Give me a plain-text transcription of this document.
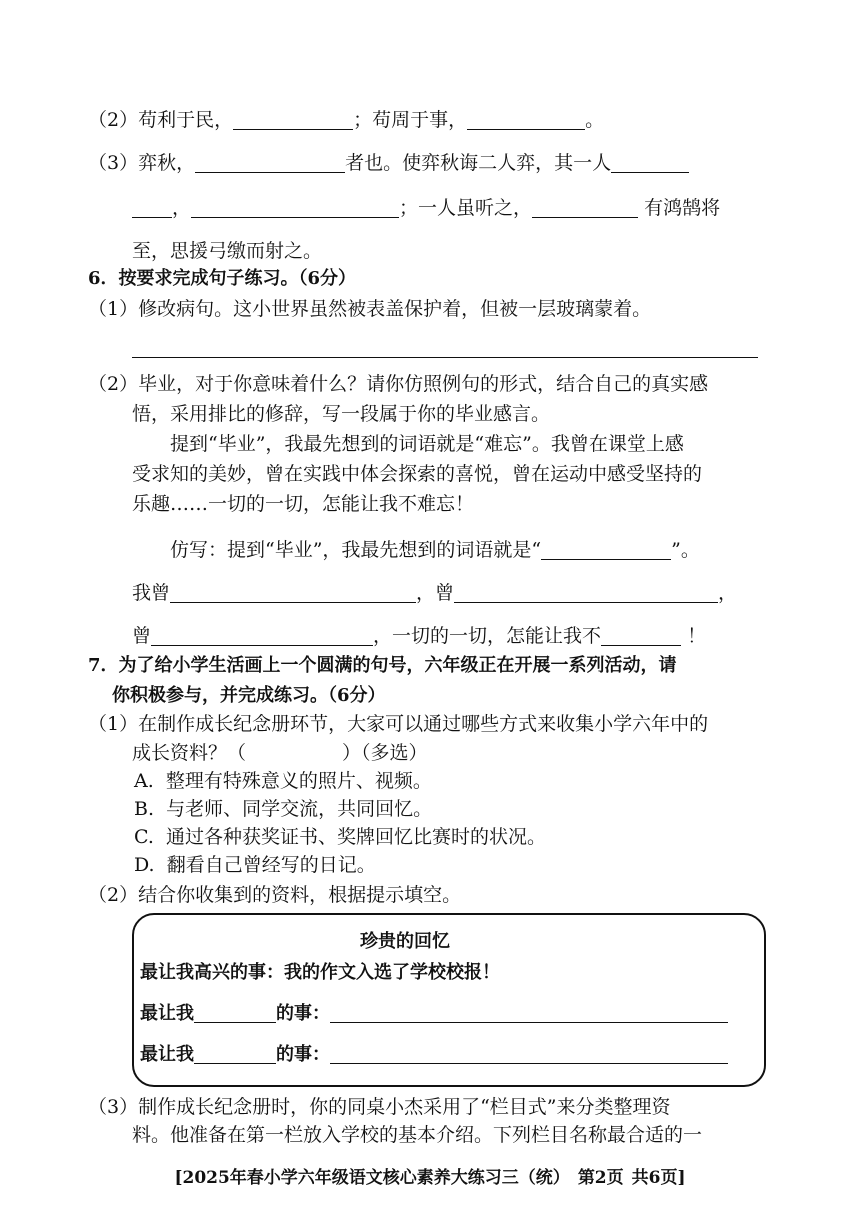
（2）苟利于民，	；苟周于事，	。
（3）弈秋，	者也。使弈秋诲二人弈，其一人
，	；一人虽听之，	有鸿鹄将
至，思援弓缴而射之。
6．按要求完成句子练习。（6分）
（1）修改病句。这小世界虽然被表盖保护着，但被一层玻璃蒙着。
（2）毕业，对于你意味着什么？请你仿照例句的形式，结合自己的真实感
悟，采用排比的修辞，写一段属于你的毕业感言。
提到“毕业”，我最先想到的词语就是“难忘”。我曾在课堂上感
受求知的美妙，曾在实践中体会探索的喜悦，曾在运动中感受坚持的
乐趣……一切的一切，怎能让我不难忘！
仿写：提到“毕业”，我最先想到的词语就是“	”。
我曾	，曾	，
曾	，一切的一切，怎能让我不	！
7．为了给小学生活画上一个圆满的句号，六年级正在开展一系列活动，请
你积极参与，并完成练习。（6分）
（1）在制作成长纪念册环节，大家可以通过哪些方式来收集小学六年中的
成长资料？（	）（多选）
A. 整理有特殊意义的照片、视频。
B. 与老师、同学交流，共同回忆。
C. 通过各种获奖证书、奖牌回忆比赛时的状况。
D. 翻看自己曾经写的日记。
（2）结合你收集到的资料，根据提示填空。
珍贵的回忆
最让我高兴的事：我的作文入选了学校校报！
最让我	的事：
最让我	的事：
（3）制作成长纪念册时，你的同桌小杰采用了“栏目式”来分类整理资
料。他准备在第一栏放入学校的基本介绍。下列栏目名称最合适的一
[2025年春小学六年级语文核心素养大练习三（统） 第2页 共6页]
